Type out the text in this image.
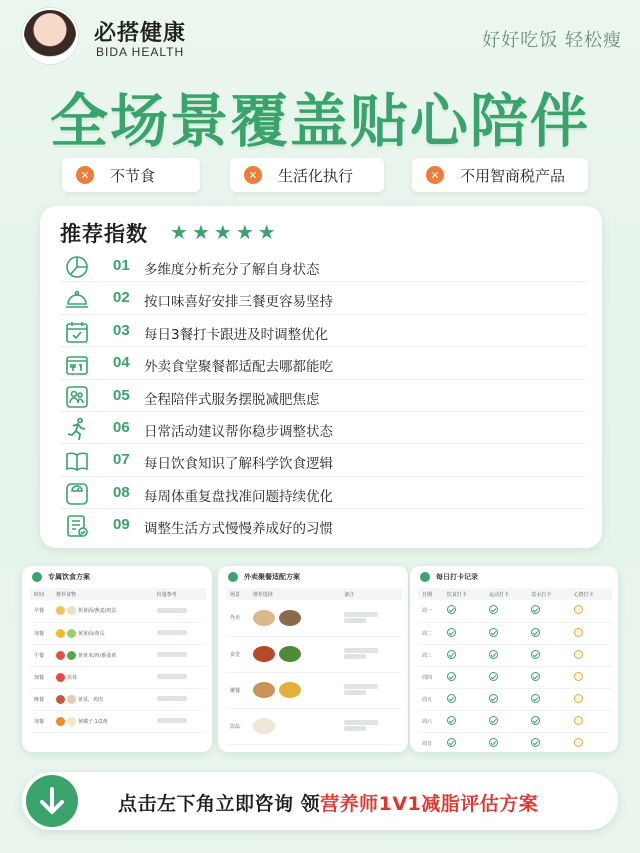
必搭健康
BIDA HEALTH
好好吃饭 轻松瘦
全场景覆盖贴心陪伴
✕ 不节食	✕ 生活化执行	✕ 不用智商税产品
推荐指数 ★★★★★
01 多维度分析充分了解自身状态
02 按口味喜好安排三餐更容易坚持
03 每日3餐打卡跟进及时调整优化
04 外卖食堂聚餐都适配去哪都能吃
05 全程陪伴式服务摆脱减肥焦虑
06 日常活动建议帮你稳步调整状态
07 每日饮食知识了解科学饮食逻辑
08 每周体重复盘找准问题持续优化
09 调整生活方式慢慢养成好的习惯
专属饮食方案
时间	推荐食物	份量参考
早餐	焦黄面/燕麦/鸡蛋	
加餐	黄黄面/黄瓜	
午餐	黄黄米/西/番茄黄	
加餐	蓝莓	
晚餐	黄菜，鸡肉	
加餐	黄橘子 1/2黄	
外卖聚餐适配方案
场景	推荐选择	备注
外卖		

食堂		

聚餐		

饮品		

每日打卡记录
日期	饮食打卡	运动打卡	饮水打卡	心情打卡
周一				
周二				
周三				
周四				
周五				
周六				
周日				
点击左下角立即咨询 领营养师1V1减脂评估方案
